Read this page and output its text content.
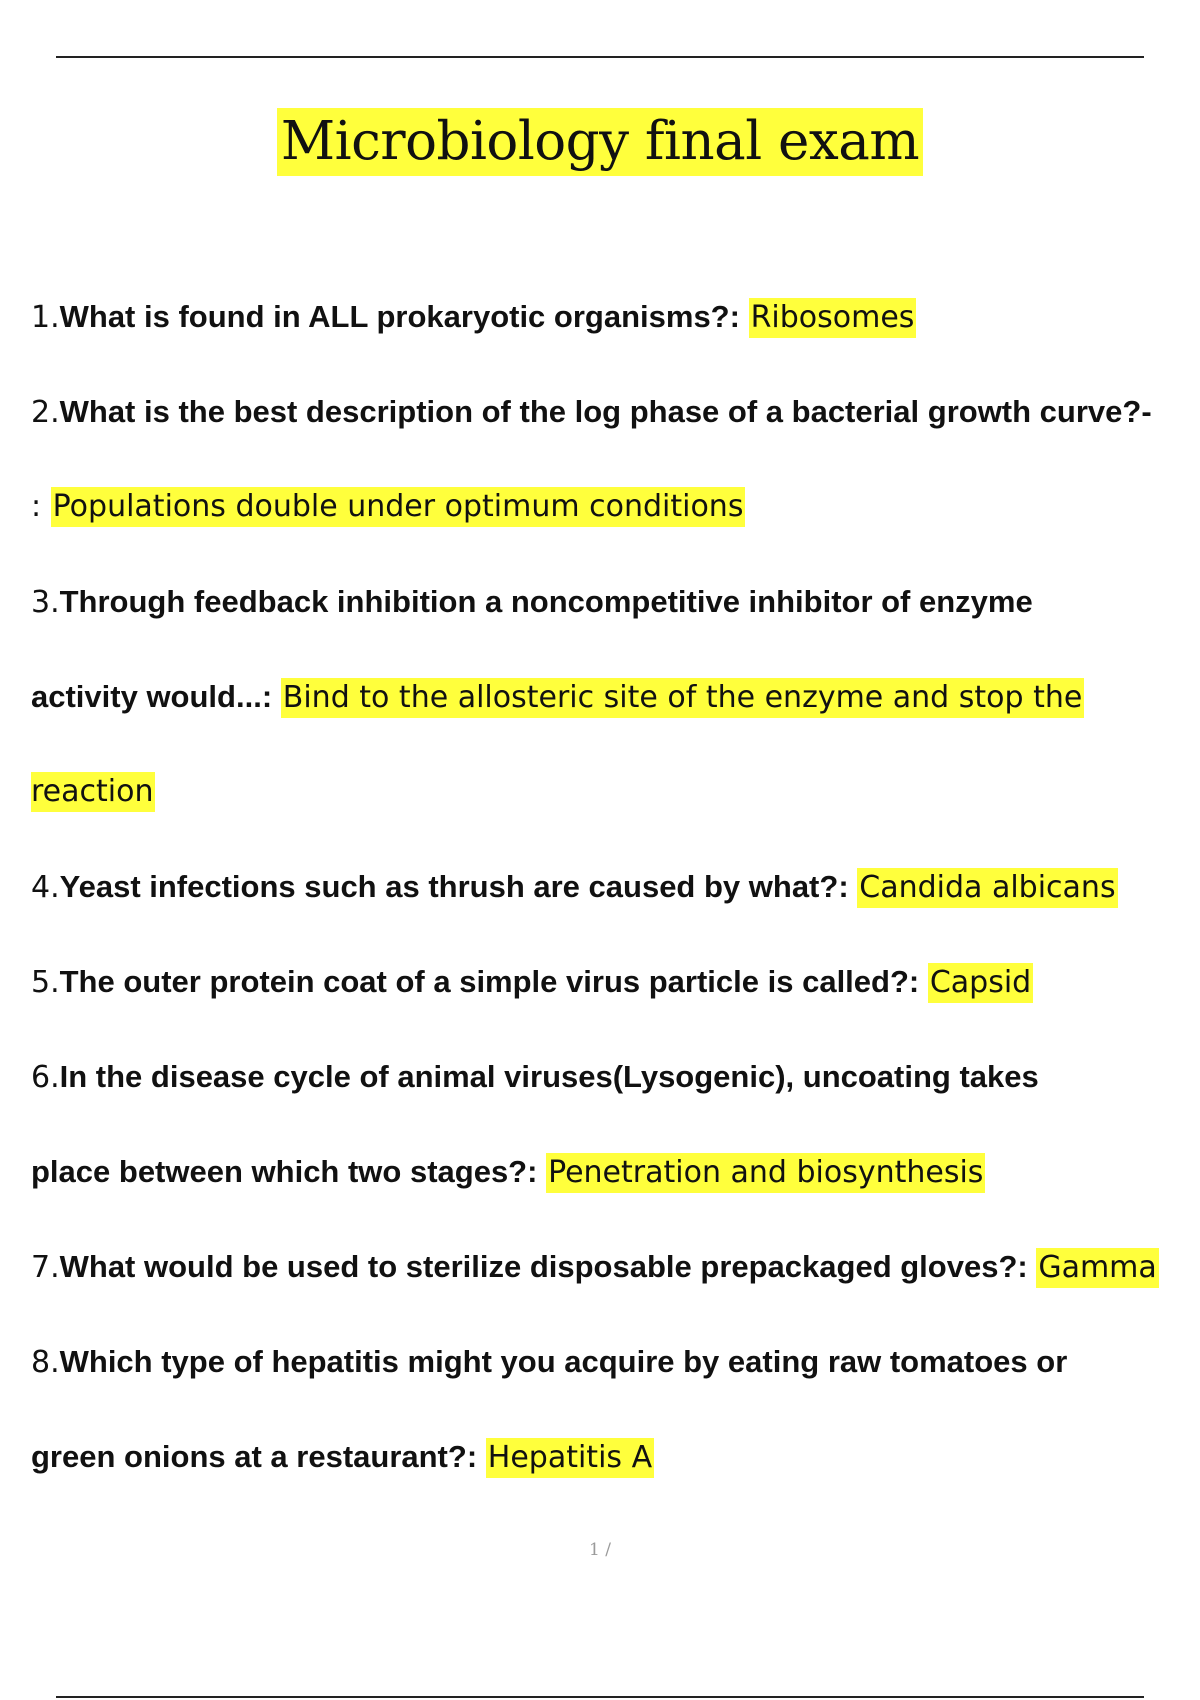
Microbiology final exam
1.What is found in ALL prokaryotic organisms?: Ribosomes
2.What is the best description of the log phase of a bacterial growth curve?-
: Populations double under optimum conditions
3.Through feedback inhibition a noncompetitive inhibitor of enzyme
activity would...: Bind to the allosteric site of the enzyme and stop the
reaction
4.Yeast infections such as thrush are caused by what?: Candida albicans
5.The outer protein coat of a simple virus particle is called?: Capsid
6.In the disease cycle of animal viruses(Lysogenic), uncoating takes
place between which two stages?: Penetration and biosynthesis
7.What would be used to sterilize disposable prepackaged gloves?: Gamma
8.Which type of hepatitis might you acquire by eating raw tomatoes or
green onions at a restaurant?: Hepatitis A
1 /
